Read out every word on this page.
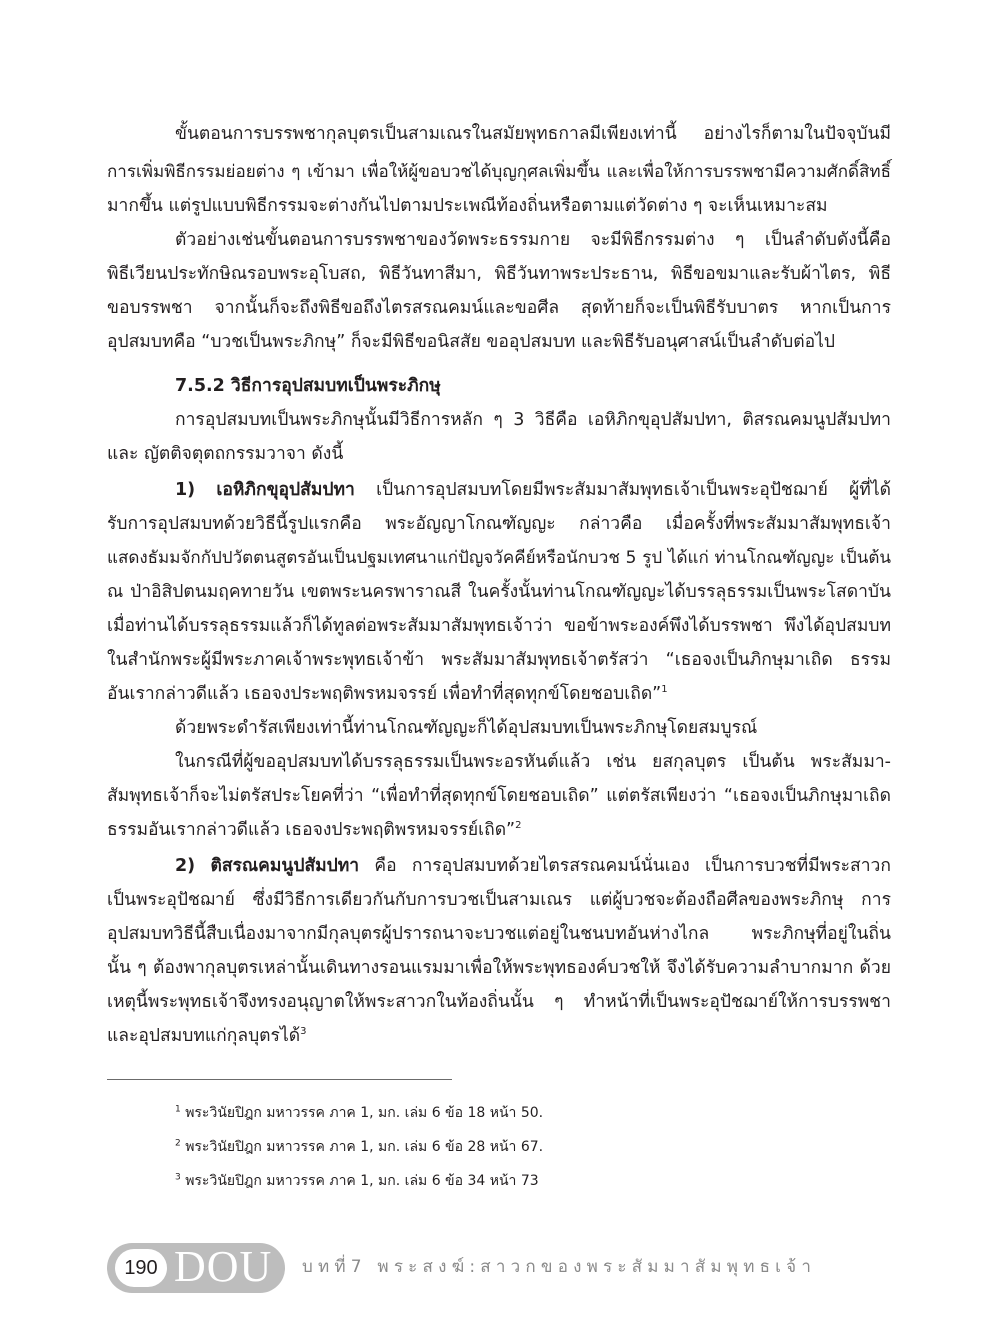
ขั้นตอนการบรรพชากุลบุตรเป็นสามเณรในสมัยพุทธกาลมีเพียงเท่านี้ อย่างไรก็ตามในปัจจุบันมี

การเพิ่มพิธีกรรมย่อยต่าง ๆ เข้ามา เพื่อให้ผู้ขอบวชได้บุญกุศลเพิ่มขึ้น และเพื่อให้การบรรพชามีความศักดิ์สิทธิ์

มากขึ้น แต่รูปแบบพิธีกรรมจะต่างกันไปตามประเพณีท้องถิ่นหรือตามแต่วัดต่าง ๆ จะเห็นเหมาะสม

ตัวอย่างเช่นขั้นตอนการบรรพชาของวัดพระธรรมกาย จะมีพิธีกรรมต่าง ๆ เป็นลำดับดังนี้คือ

พิธีเวียนประทักษิณรอบพระอุโบสถ, พิธีวันทาสีมา, พิธีวันทาพระประธาน, พิธีขอขมาและรับผ้าไตร, พิธี

ขอบรรพชา จากนั้นก็จะถึงพิธีขอถึงไตรสรณคมน์และขอศีล สุดท้ายก็จะเป็นพิธีรับบาตร หากเป็นการ

อุปสมบทคือ “บวชเป็นพระภิกษุ” ก็จะมีพิธีขอนิสสัย ขออุปสมบท และพิธีรับอนุศาสน์เป็นลำดับต่อไป

7.5.2 วิธีการอุปสมบทเป็นพระภิกษุ

การอุปสมบทเป็นพระภิกษุนั้นมีวิธีการหลัก ๆ 3 วิธีคือ เอหิภิกขุอุปสัมปทา, ติสรณคมนูปสัมปทา

และ ญัตติจตุตถกรรมวาจา ดังนี้

1) เอหิภิกขุอุปสัมปทา เป็นการอุปสมบทโดยมีพระสัมมาสัมพุทธเจ้าเป็นพระอุปัชฌาย์ ผู้ที่ได้

รับการอุปสมบทด้วยวิธีนี้รูปแรกคือ พระอัญญาโกณฑัญญะ กล่าวคือ เมื่อครั้งที่พระสัมมาสัมพุทธเจ้า

แสดงธัมมจักกัปปวัตตนสูตรอันเป็นปฐมเทศนาแก่ปัญจวัคคีย์หรือนักบวช 5 รูป ได้แก่ ท่านโกณฑัญญะ เป็นต้น

ณ ป่าอิสิปตนมฤคทายวัน เขตพระนครพาราณสี ในครั้งนั้นท่านโกณฑัญญะได้บรรลุธรรมเป็นพระโสดาบัน

เมื่อท่านได้บรรลุธรรมแล้วก็ได้ทูลต่อพระสัมมาสัมพุทธเจ้าว่า ขอข้าพระองค์พึงได้บรรพชา พึงได้อุปสมบท

ในสำนักพระผู้มีพระภาคเจ้าพระพุทธเจ้าข้า พระสัมมาสัมพุทธเจ้าตรัสว่า “เธอจงเป็นภิกษุมาเถิด ธรรม

อันเรากล่าวดีแล้ว เธอจงประพฤติพรหมจรรย์ เพื่อทำที่สุดทุกข์โดยชอบเถิด”$^1$

ด้วยพระดำรัสเพียงเท่านี้ท่านโกณฑัญญะก็ได้อุปสมบทเป็นพระภิกษุโดยสมบูรณ์

ในกรณีที่ผู้ขออุปสมบทได้บรรลุธรรมเป็นพระอรหันต์แล้ว เช่น ยสกุลบุตร เป็นต้น พระสัมมา-

สัมพุทธเจ้าก็จะไม่ตรัสประโยคที่ว่า “เพื่อทำที่สุดทุกข์โดยชอบเถิด” แต่ตรัสเพียงว่า “เธอจงเป็นภิกษุมาเถิด

ธรรมอันเรากล่าวดีแล้ว เธอจงประพฤติพรหมจรรย์เถิด”$^2$

2) ติสรณคมนูปสัมปทา คือ การอุปสมบทด้วยไตรสรณคมน์นั่นเอง เป็นการบวชที่มีพระสาวก

เป็นพระอุปัชฌาย์ ซึ่งมีวิธีการเดียวกันกับการบวชเป็นสามเณร แต่ผู้บวชจะต้องถือศีลของพระภิกษุ การ

อุปสมบทวิธีนี้สืบเนื่องมาจากมีกุลบุตรผู้ปรารถนาจะบวชแต่อยู่ในชนบทอันห่างไกล พระภิกษุที่อยู่ในถิ่น

นั้น ๆ ต้องพากุลบุตรเหล่านั้นเดินทางรอนแรมมาเพื่อให้พระพุทธองค์บวชให้ จึงได้รับความลำบากมาก ด้วย

เหตุนี้พระพุทธเจ้าจึงทรงอนุญาตให้พระสาวกในท้องถิ่นนั้น ๆ ทำหน้าที่เป็นพระอุปัชฌาย์ให้การบรรพชา

และอุปสมบทแก่กุลบุตรได้$^3$

$^1$ พระวินัยปิฎก มหาวรรค ภาค 1, มก. เล่ม 6 ข้อ 18 หน้า 50.
$^2$ พระวินัยปิฎก มหาวรรค ภาค 1, มก. เล่ม 6 ข้อ 28 หน้า 67.
$^3$ พระวินัยปิฎก มหาวรรค ภาค 1, มก. เล่ม 6 ข้อ 34 หน้า 73
190 DOU บทที่7 พระสงฆ์:สาวกของพระสัมมาสัมพุทธเจ้า
